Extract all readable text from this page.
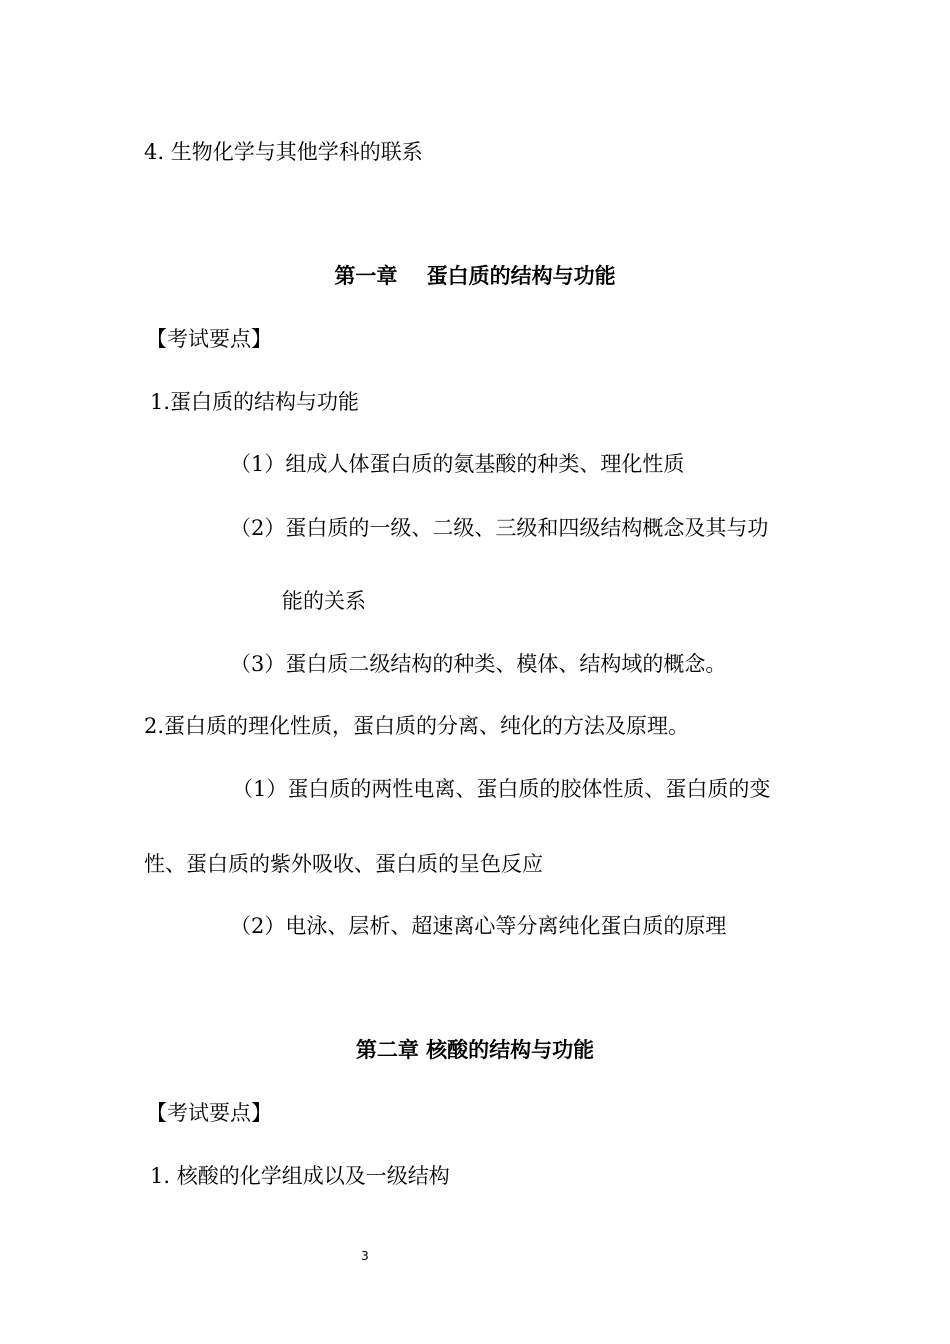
4. 生物化学与其他学科的联系
第一章    蛋白质的结构与功能
【考试要点】
1.蛋白质的结构与功能
（1）组成人体蛋白质的氨基酸的种类、理化性质
（2）蛋白质的一级、二级、三级和四级结构概念及其与功
能的关系
（3）蛋白质二级结构的种类、模体、结构域的概念。
2.蛋白质的理化性质，蛋白质的分离、纯化的方法及原理。
（1）蛋白质的两性电离、蛋白质的胶体性质、蛋白质的变
性、蛋白质的紫外吸收、蛋白质的呈色反应
（2）电泳、层析、超速离心等分离纯化蛋白质的原理
第二章 核酸的结构与功能
【考试要点】
1. 核酸的化学组成以及一级结构
3
